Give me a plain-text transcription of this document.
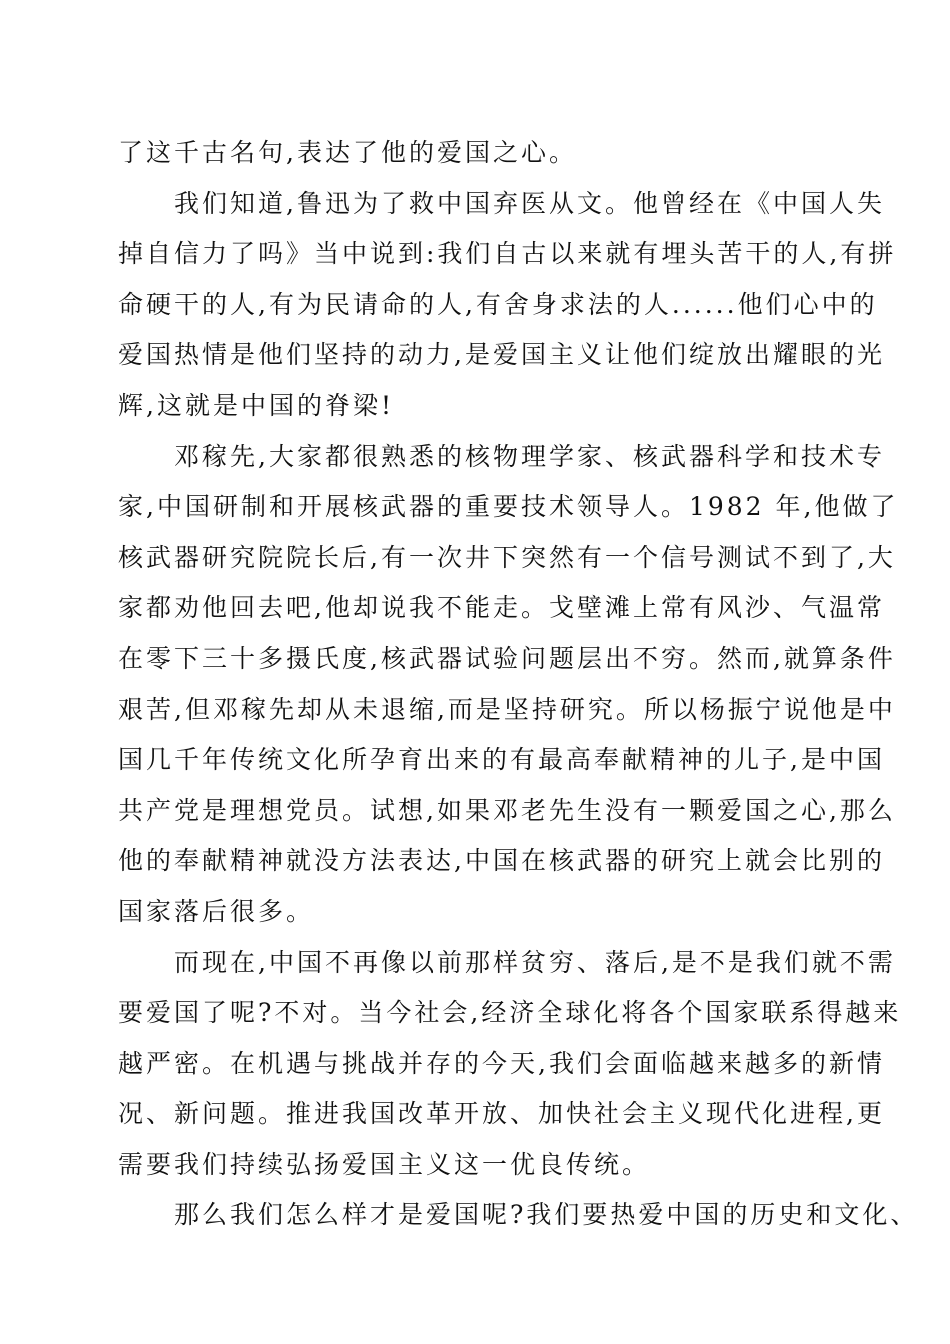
了这千古名句,表达了他的爱国之心。
我们知道,鲁迅为了救中国弃医从文。他曾经在《中国人失
掉自信力了吗》当中说到:我们自古以来就有埋头苦干的人,有拼
命硬干的人,有为民请命的人,有舍身求法的人......他们心中的
爱国热情是他们坚持的动力,是爱国主义让他们绽放出耀眼的光
辉,这就是中国的脊梁!
邓稼先,大家都很熟悉的核物理学家、核武器科学和技术专
家,中国研制和开展核武器的重要技术领导人。1982 年,他做了
核武器研究院院长后,有一次井下突然有一个信号测试不到了,大
家都劝他回去吧,他却说我不能走。戈壁滩上常有风沙、气温常
在零下三十多摄氏度,核武器试验问题层出不穷。然而,就算条件
艰苦,但邓稼先却从未退缩,而是坚持研究。所以杨振宁说他是中
国几千年传统文化所孕育出来的有最高奉献精神的儿子,是中国
共产党是理想党员。试想,如果邓老先生没有一颗爱国之心,那么
他的奉献精神就没方法表达,中国在核武器的研究上就会比别的
国家落后很多。
而现在,中国不再像以前那样贫穷、落后,是不是我们就不需
要爱国了呢?不对。当今社会,经济全球化将各个国家联系得越来
越严密。在机遇与挑战并存的今天,我们会面临越来越多的新情
况、新问题。推进我国改革开放、加快社会主义现代化进程,更
需要我们持续弘扬爱国主义这一优良传统。
那么我们怎么样才是爱国呢?我们要热爱中国的历史和文化、
